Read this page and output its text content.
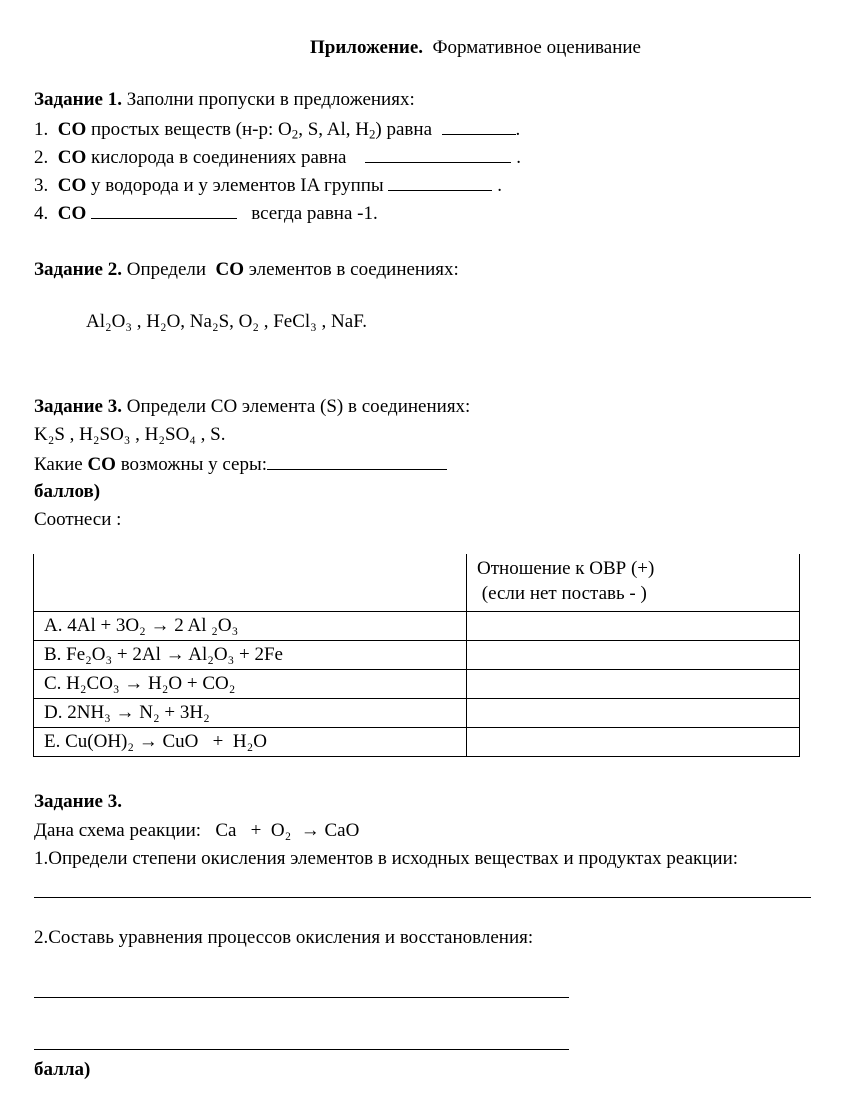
Приложение. Формативное оценивание
Задание 1. Заполни пропуски в предложениях:
1. CO простых веществ (н-р: $O_2$, S, Al, $H_2$) равна	.
2. CO кислорода в соединениях равна	.
3. CO у водорода и у элементов IA группы	.
4. CO	всегда равна -1.
Задание 2. Определи CO элементов в соединениях:
Al₂O₃ , H₂O, Na₂S, O₂ , FeCl₃ , NaF.
Задание 3. Определи CO элемента (S) в соединениях:
K₂S , H₂SO₃ , H₂SO₄ , S.
Какие CO возможны у серы:
баллов)
Соотнеси :

	Отношение к ОВР (+)
(если нет поставь - )

A. 4Al + 3O₂ → 2 Al ₂O₃	
B. Fe₂O₃ + 2Al → Al₂O₃ + 2Fe	
C. H₂CO₃ → H₂O + CO₂	
D. 2NH₃ → N₂ + 3H₂	
E. Cu(OH)₂ → CuO   +  H₂O	
Задание 3.
Дана схема реакции:   Ca   +  O₂  → CaO
1.Определи степени окисления элементов в исходных веществах и продуктах реакции:
2.Составь уравнения процессов окисления и восстановления:
балла)
